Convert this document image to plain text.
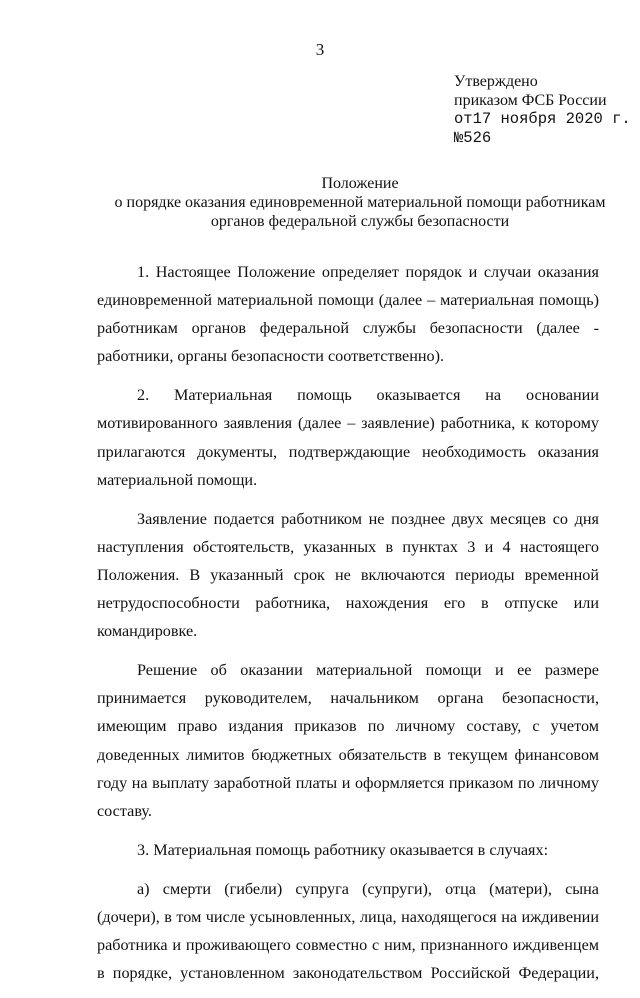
3
Утверждено
приказом ФСБ России
от17 ноября 2020 г.
№526
Положение
о порядке оказания единовременной материальной помощи работникам
органов федеральной службы безопасности

1. Настоящее Положение определяет порядок и случаи оказания единовременной материальной помощи (далее – материальная помощь) работникам органов федеральной службы безопасности (далее - работники, органы безопасности соответственно).

2. Материальная помощь оказывается на основании мотивированного заявления (далее – заявление) работника, к которому прилагаются документы, подтверждающие необходимость оказания материальной помощи.

Заявление подается работником не позднее двух месяцев со дня наступления обстоятельств, указанных в пунктах 3 и 4 настоящего Положения. В указанный срок не включаются периоды временной нетрудоспособности работника, нахождения его в отпуске или командировке.

Решение об оказании материальной помощи и ее размере принимается руководителем, начальником органа безопасности, имеющим право издания приказов по личному составу, с учетом доведенных лимитов бюджетных обязательств в текущем финансовом году на выплату заработной платы и оформляется приказом по личному составу.

3. Материальная помощь работнику оказывается в случаях:

а) смерти (гибели) супруга (супруги), отца (матери), сына (дочери), в том числе усыновленных, лица, находящегося на иждивении работника и проживающего совместно с ним, признанного иждивенцем в порядке, установленном законодательством Российской Федерации,
